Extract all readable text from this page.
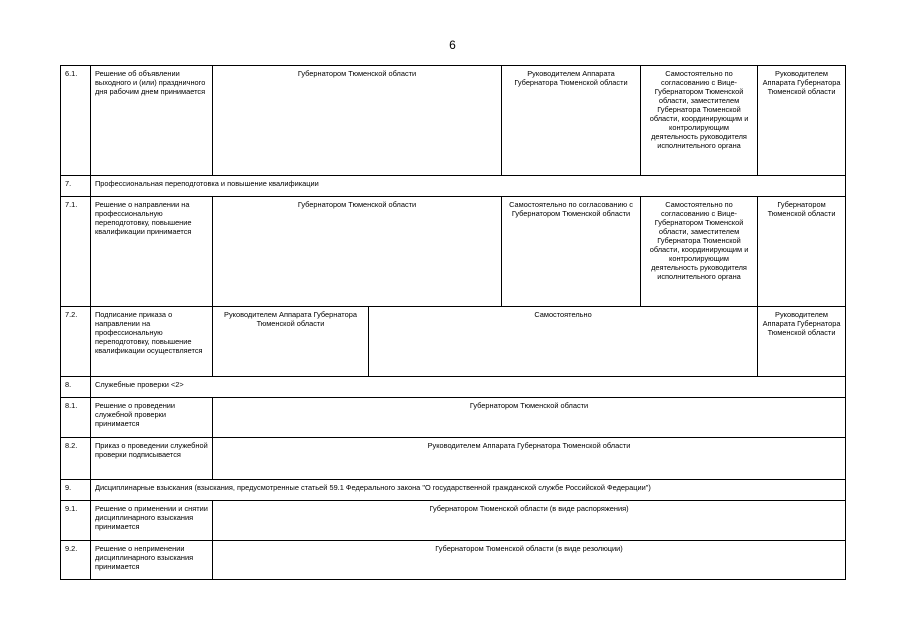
6
6.1.	Решение об объявлении выходного и (или) праздничного дня рабочим днем принимается	Губернатором Тюменской области		Руководителем Аппарата Губернатора Тюменской области	Самостоятельно по согласованию с Вице-Губернатором Тюменской области, заместителем Губернатора Тюменской области, координирующим и контролирующим деятельность руководителя исполнительного органа	Руководителем Аппарата Губернатора Тюменской области
7.	Профессиональная переподготовка и повышение квалификации					
7.1.	Решение о направлении на профессиональную переподготовку, повышение квалификации принимается	Губернатором Тюменской области		Самостоятельно по согласованию с Губернатором Тюменской области	Самостоятельно по согласованию с Вице-Губернатором Тюменской области, заместителем Губернатора Тюменской области, координирующим и контролирующим деятельность руководителя исполнительного органа	Губернатором Тюменской области
7.2.	Подписание приказа о направлении на профессиональную переподготовку, повышение квалификации осуществляется	Руководителем Аппарата Губернатора Тюменской области	Самостоятельно			Руководителем Аппарата Губернатора Тюменской области
8.	Служебные проверки <2>					
8.1.	Решение о проведении служебной проверки принимается	Губернатором Тюменской области				
8.2.	Приказ о проведении служебной проверки подписывается	Руководителем Аппарата Губернатора Тюменской области				
9.	Дисциплинарные взыскания (взыскания, предусмотренные статьей 59.1 Федерального закона "О государственной гражданской службе Российской Федерации")					
9.1.	Решение о применении и снятии дисциплинарного взыскания принимается	Губернатором Тюменской области (в виде распоряжения)				
9.2.	Решение о неприменении дисциплинарного взыскания принимается	Губернатором Тюменской области (в виде резолюции)				
